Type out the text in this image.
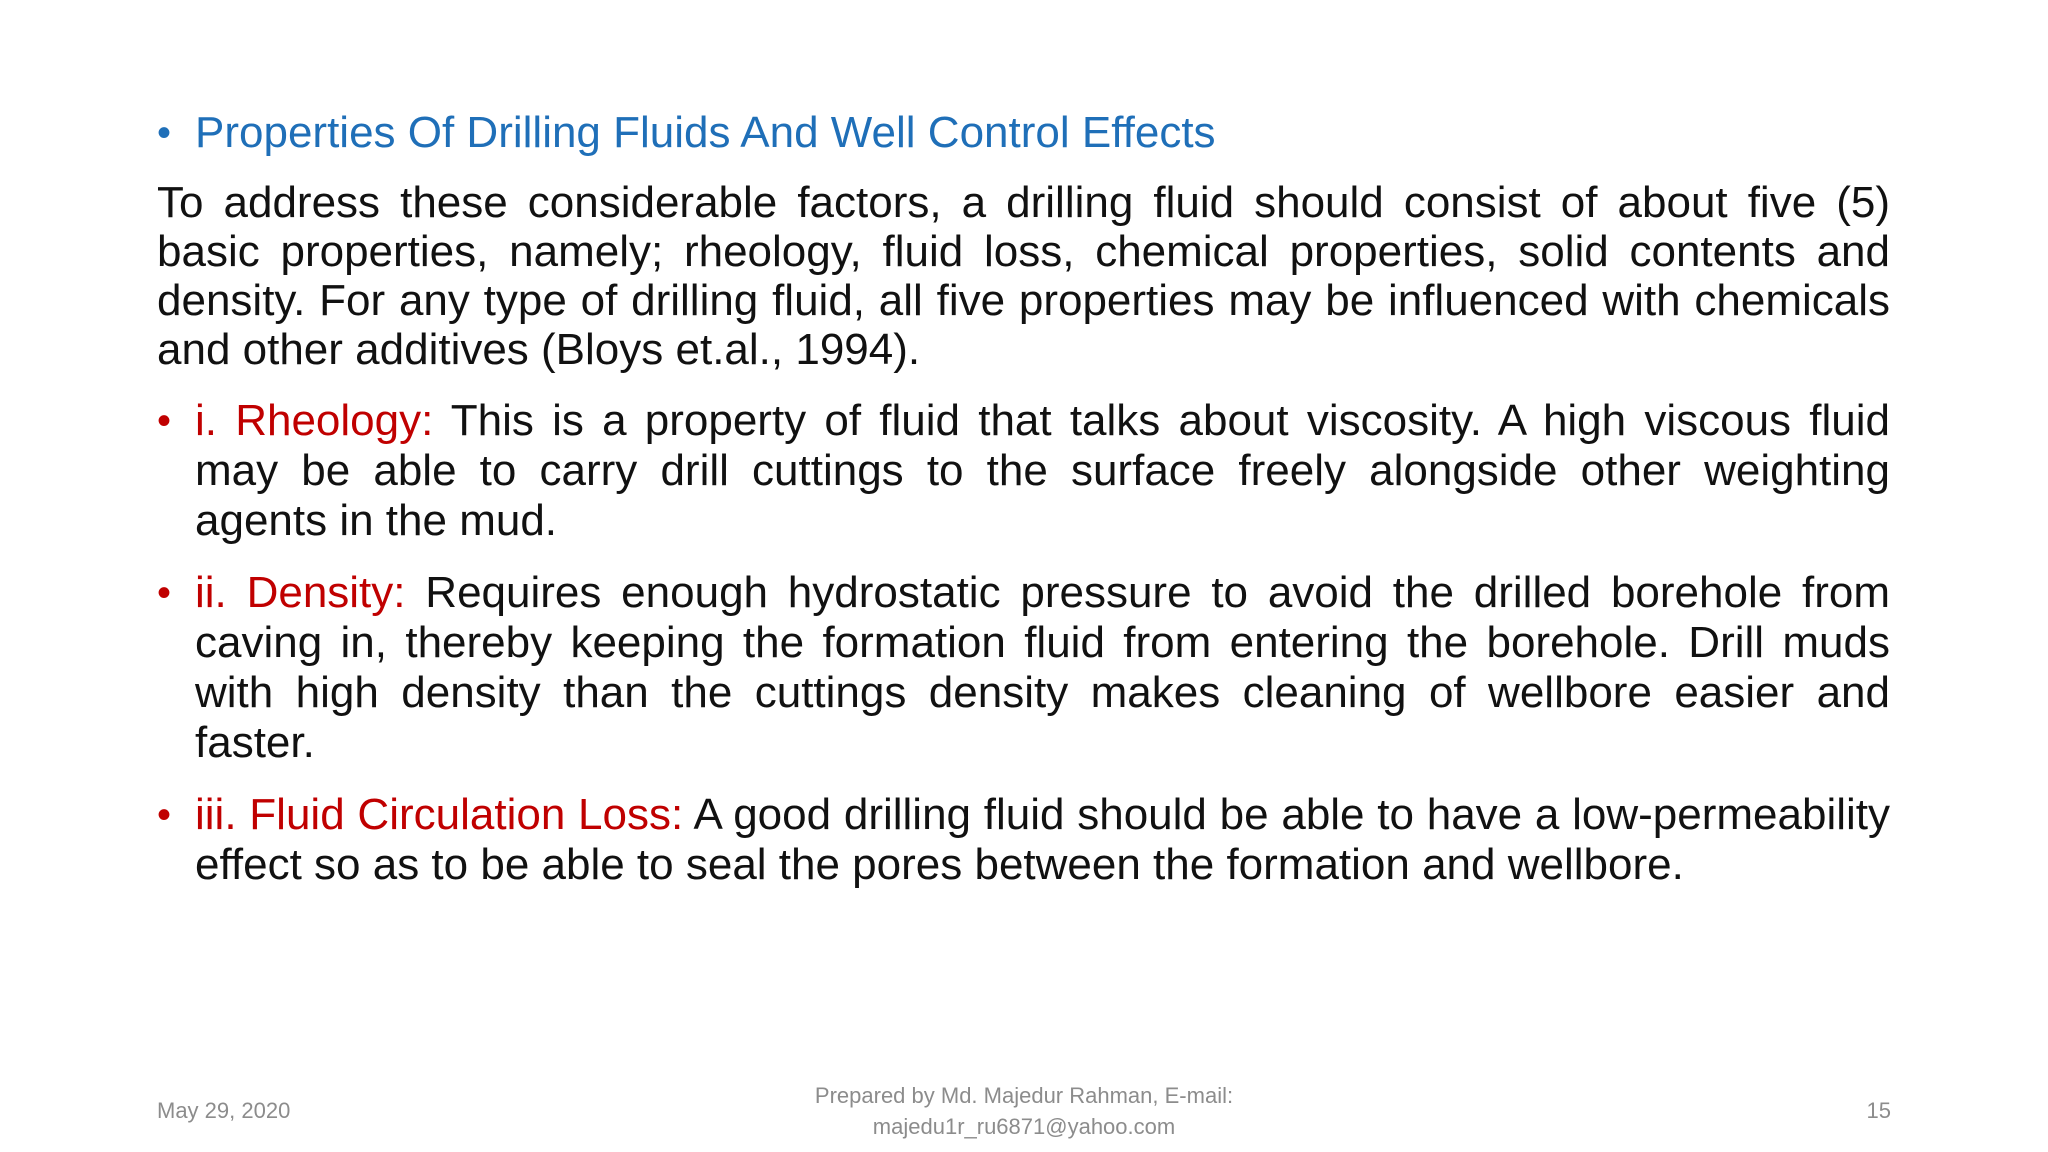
• Properties Of Drilling Fluids And Well Control Effects
To address these considerable factors, a drilling fluid should consist of about five (5) basic properties, namely; rheology, fluid loss, chemical properties, solid contents and density. For any type of drilling fluid, all five properties may be influenced with chemicals and other additives (Bloys et.al., 1994).
• i. Rheology: This is a property of fluid that talks about viscosity. A high viscous fluid may be able to carry drill cuttings to the surface freely alongside other weighting agents in the mud.
• ii. Density: Requires enough hydrostatic pressure to avoid the drilled borehole from caving in, thereby keeping the formation fluid from entering the borehole. Drill muds with high density than the cuttings density makes cleaning of wellbore easier and faster.
• iii. Fluid Circulation Loss: A good drilling fluid should be able to have a low-permeability effect so as to be able to seal the pores between the formation and wellbore.
May 29, 2020
Prepared by Md. Majedur Rahman, E-mail:
majedu1r_ru6871@yahoo.com
15
